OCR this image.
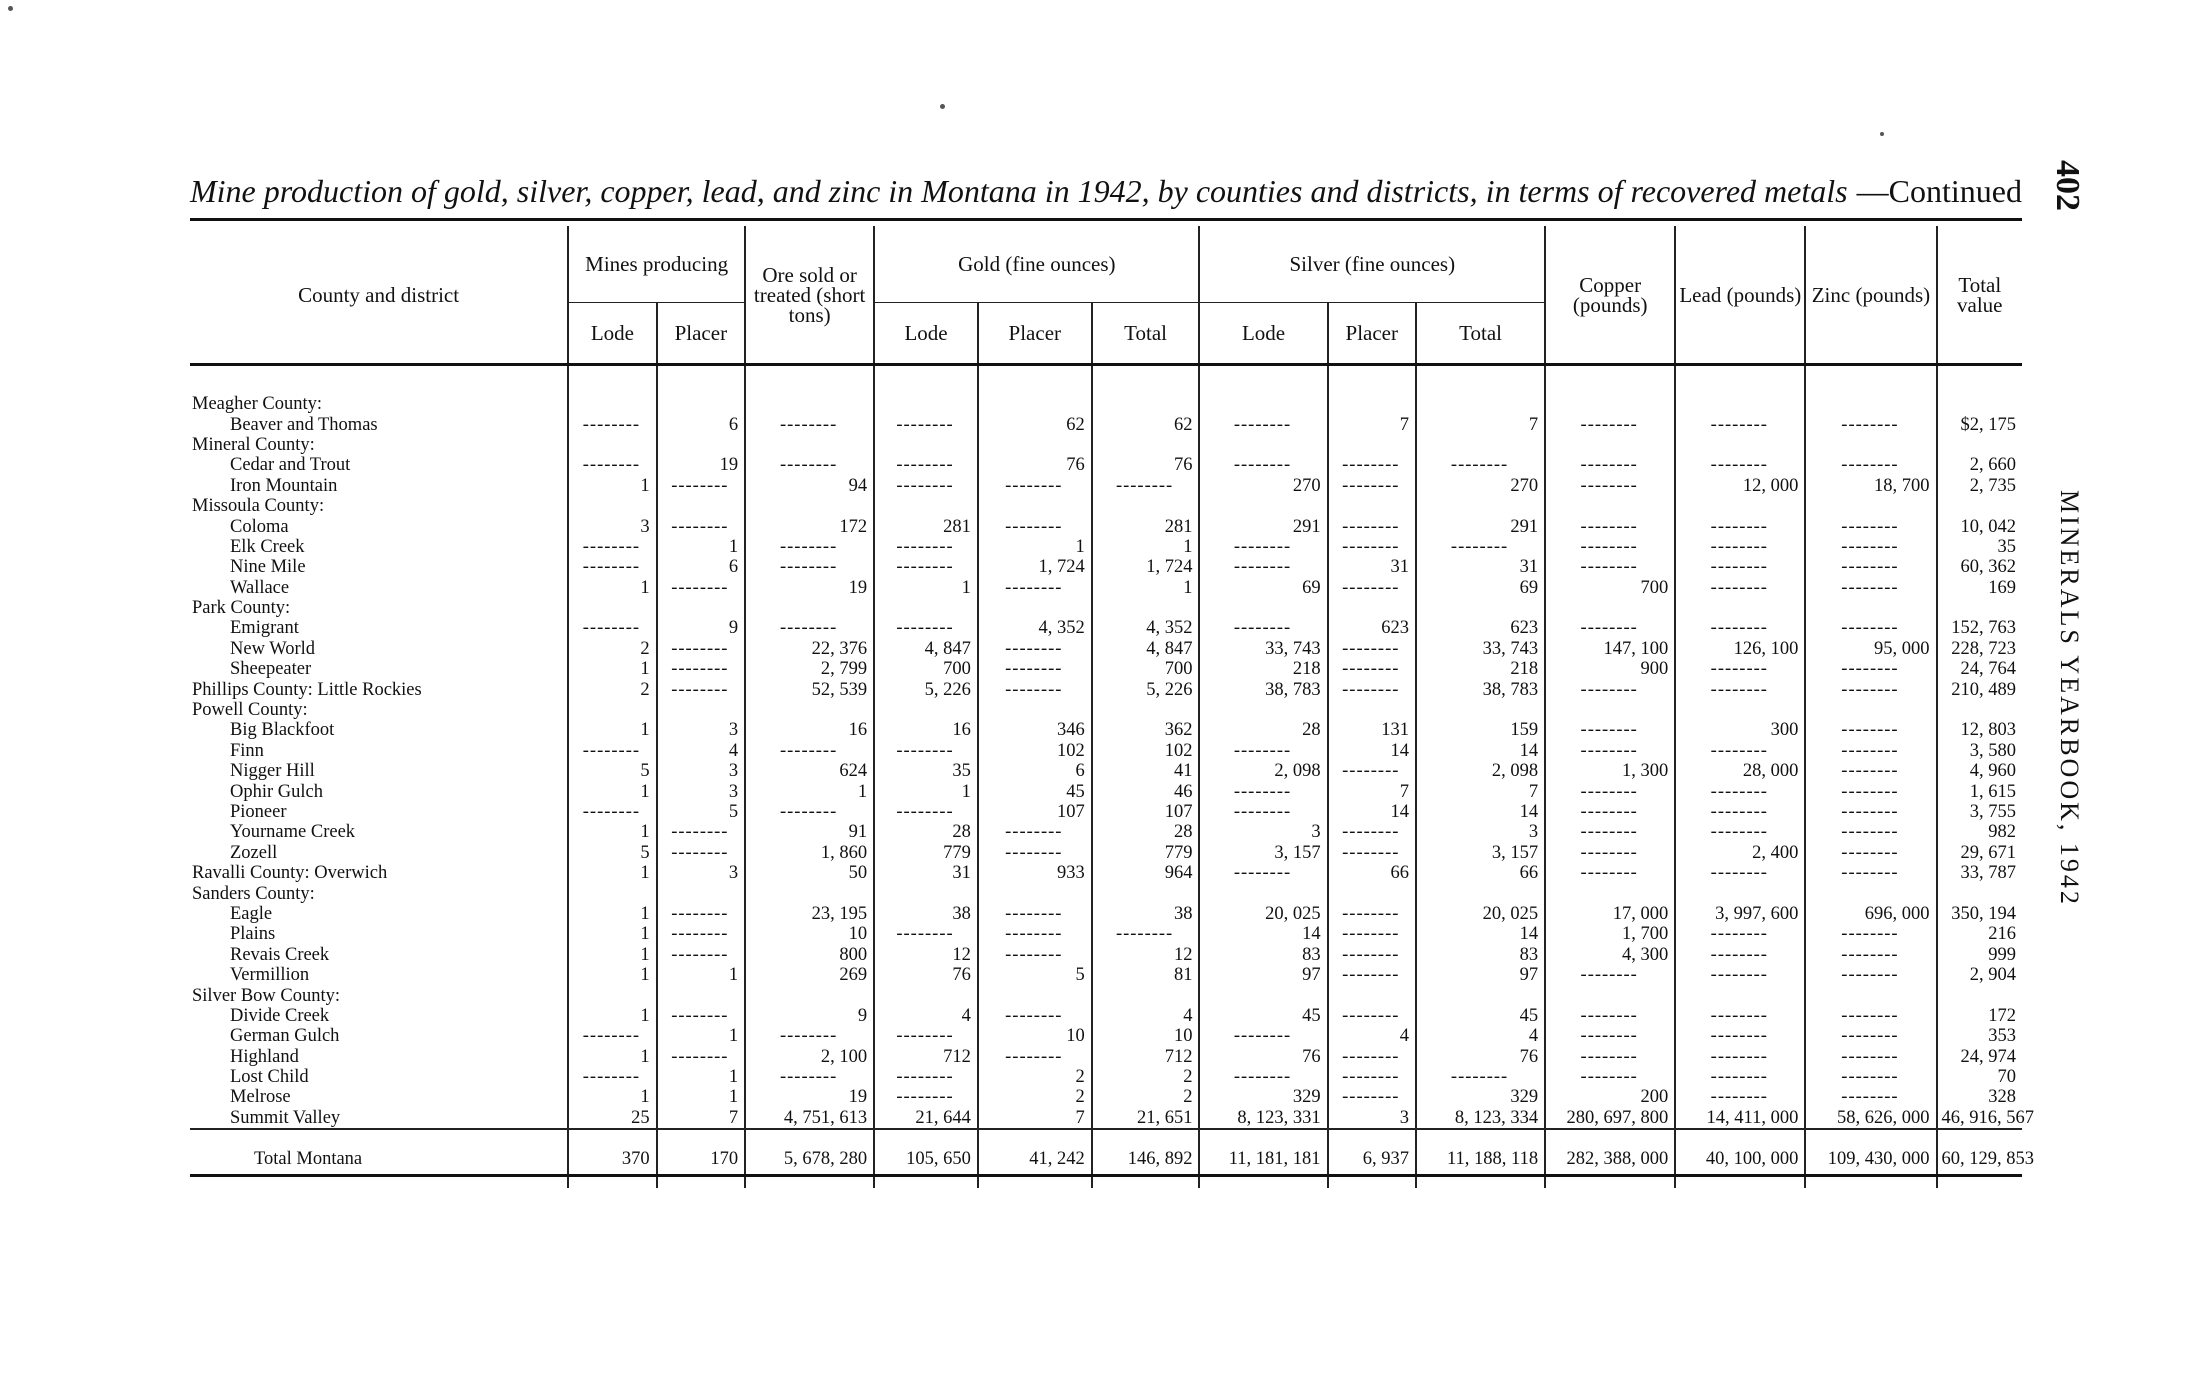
Mine production of gold, silver, copper, lead, and zinc in Montana in 1942, by counties and districts, in terms of recovered metals —Continued 402
MINERALS YEARBOOK, 1942
County and district	Mines producing		Ore sold or treated (short tons)	Gold (fine ounces)			Silver (fine ounces)			Copper (pounds)	Lead (pounds)	Zinc (pounds)	Total value
	Lode	Placer		Lode	Placer	Total	Lode	Placer	Total				

Meagher County:													
Beaver and Thomas	--------	6	--------	--------	62	62	--------	7	7	--------	--------	--------	$2, 175
Mineral County:													
Cedar and Trout	--------	19	--------	--------	76	76	--------	--------	--------	--------	--------	--------	2, 660
Iron Mountain	1	--------	94	--------	--------	--------	270	--------	270	--------	12, 000	18, 700	2, 735
Missoula County:													
Coloma	3	--------	172	281	--------	281	291	--------	291	--------	--------	--------	10, 042
Elk Creek	--------	1	--------	--------	1	1	--------	--------	--------	--------	--------	--------	35
Nine Mile	--------	6	--------	--------	1, 724	1, 724	--------	31	31	--------	--------	--------	60, 362
Wallace	1	--------	19	1	--------	1	69	--------	69	700	--------	--------	169
Park County:													
Emigrant	--------	9	--------	--------	4, 352	4, 352	--------	623	623	--------	--------	--------	152, 763
New World	2	--------	22, 376	4, 847	--------	4, 847	33, 743	--------	33, 743	147, 100	126, 100	95, 000	228, 723
Sheepeater	1	--------	2, 799	700	--------	700	218	--------	218	900	--------	--------	24, 764
Phillips County: Little Rockies	2	--------	52, 539	5, 226	--------	5, 226	38, 783	--------	38, 783	--------	--------	--------	210, 489
Powell County:													
Big Blackfoot	1	3	16	16	346	362	28	131	159	--------	300	--------	12, 803
Finn	--------	4	--------	--------	102	102	--------	14	14	--------	--------	--------	3, 580
Nigger Hill	5	3	624	35	6	41	2, 098	--------	2, 098	1, 300	28, 000	--------	4, 960
Ophir Gulch	1	3	1	1	45	46	--------	7	7	--------	--------	--------	1, 615
Pioneer	--------	5	--------	--------	107	107	--------	14	14	--------	--------	--------	3, 755
Yourname Creek	1	--------	91	28	--------	28	3	--------	3	--------	--------	--------	982
Zozell	5	--------	1, 860	779	--------	779	3, 157	--------	3, 157	--------	2, 400	--------	29, 671
Ravalli County: Overwich	1	3	50	31	933	964	--------	66	66	--------	--------	--------	33, 787
Sanders County:													
Eagle	1	--------	23, 195	38	--------	38	20, 025	--------	20, 025	17, 000	3, 997, 600	696, 000	350, 194
Plains	1	--------	10	--------	--------	--------	14	--------	14	1, 700	--------	--------	216
Revais Creek	1	--------	800	12	--------	12	83	--------	83	4, 300	--------	--------	999
Vermillion	1	1	269	76	5	81	97	--------	97	--------	--------	--------	2, 904
Silver Bow County:													
Divide Creek	1	--------	9	4	--------	4	45	--------	45	--------	--------	--------	172
German Gulch	--------	1	--------	--------	10	10	--------	4	4	--------	--------	--------	353
Highland	1	--------	2, 100	712	--------	712	76	--------	76	--------	--------	--------	24, 974
Lost Child	--------	1	--------	--------	2	2	--------	--------	--------	--------	--------	--------	70
Melrose	1	1	19	--------	2	2	329	--------	329	200	--------	--------	328
Summit Valley	25	7	4, 751, 613	21, 644	7	21, 651	8, 123, 331	3	8, 123, 334	280, 697, 800	14, 411, 000	58, 626, 000	46, 916, 567
Total Montana	370	170	5, 678, 280	105, 650	41, 242	146, 892	11, 181, 181	6, 937	11, 188, 118	282, 388, 000	40, 100, 000	109, 430, 000	60, 129, 853
